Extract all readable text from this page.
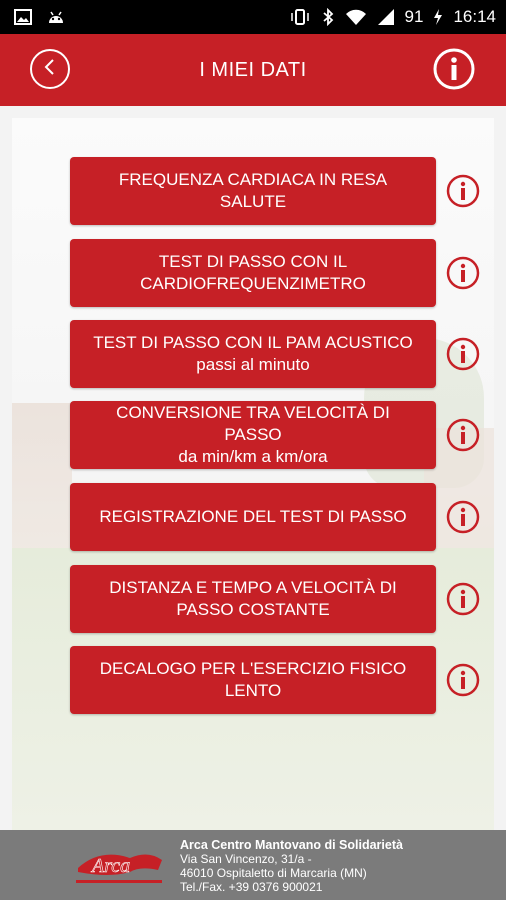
91 16:14
I MIEI DATI
FREQUENZA CARDIACA IN RESA
SALUTE
TEST DI PASSO CON IL
CARDIOFREQUENZIMETRO
TEST DI PASSO CON IL PAM ACUSTICO
passi al minuto
CONVERSIONE TRA VELOCITÀ DI
PASSO
da min/km a km/ora
REGISTRAZIONE DEL TEST DI PASSO
DISTANZA E TEMPO A VELOCITÀ DI
PASSO COSTANTE
DECALOGO PER L'ESERCIZIO FISICO
LENTO
Arca
Arca Centro Mantovano di Solidarietà
Via San Vincenzo, 31/a -
46010 Ospitaletto di Marcaria (MN)
Tel./Fax. +39 0376 900021
